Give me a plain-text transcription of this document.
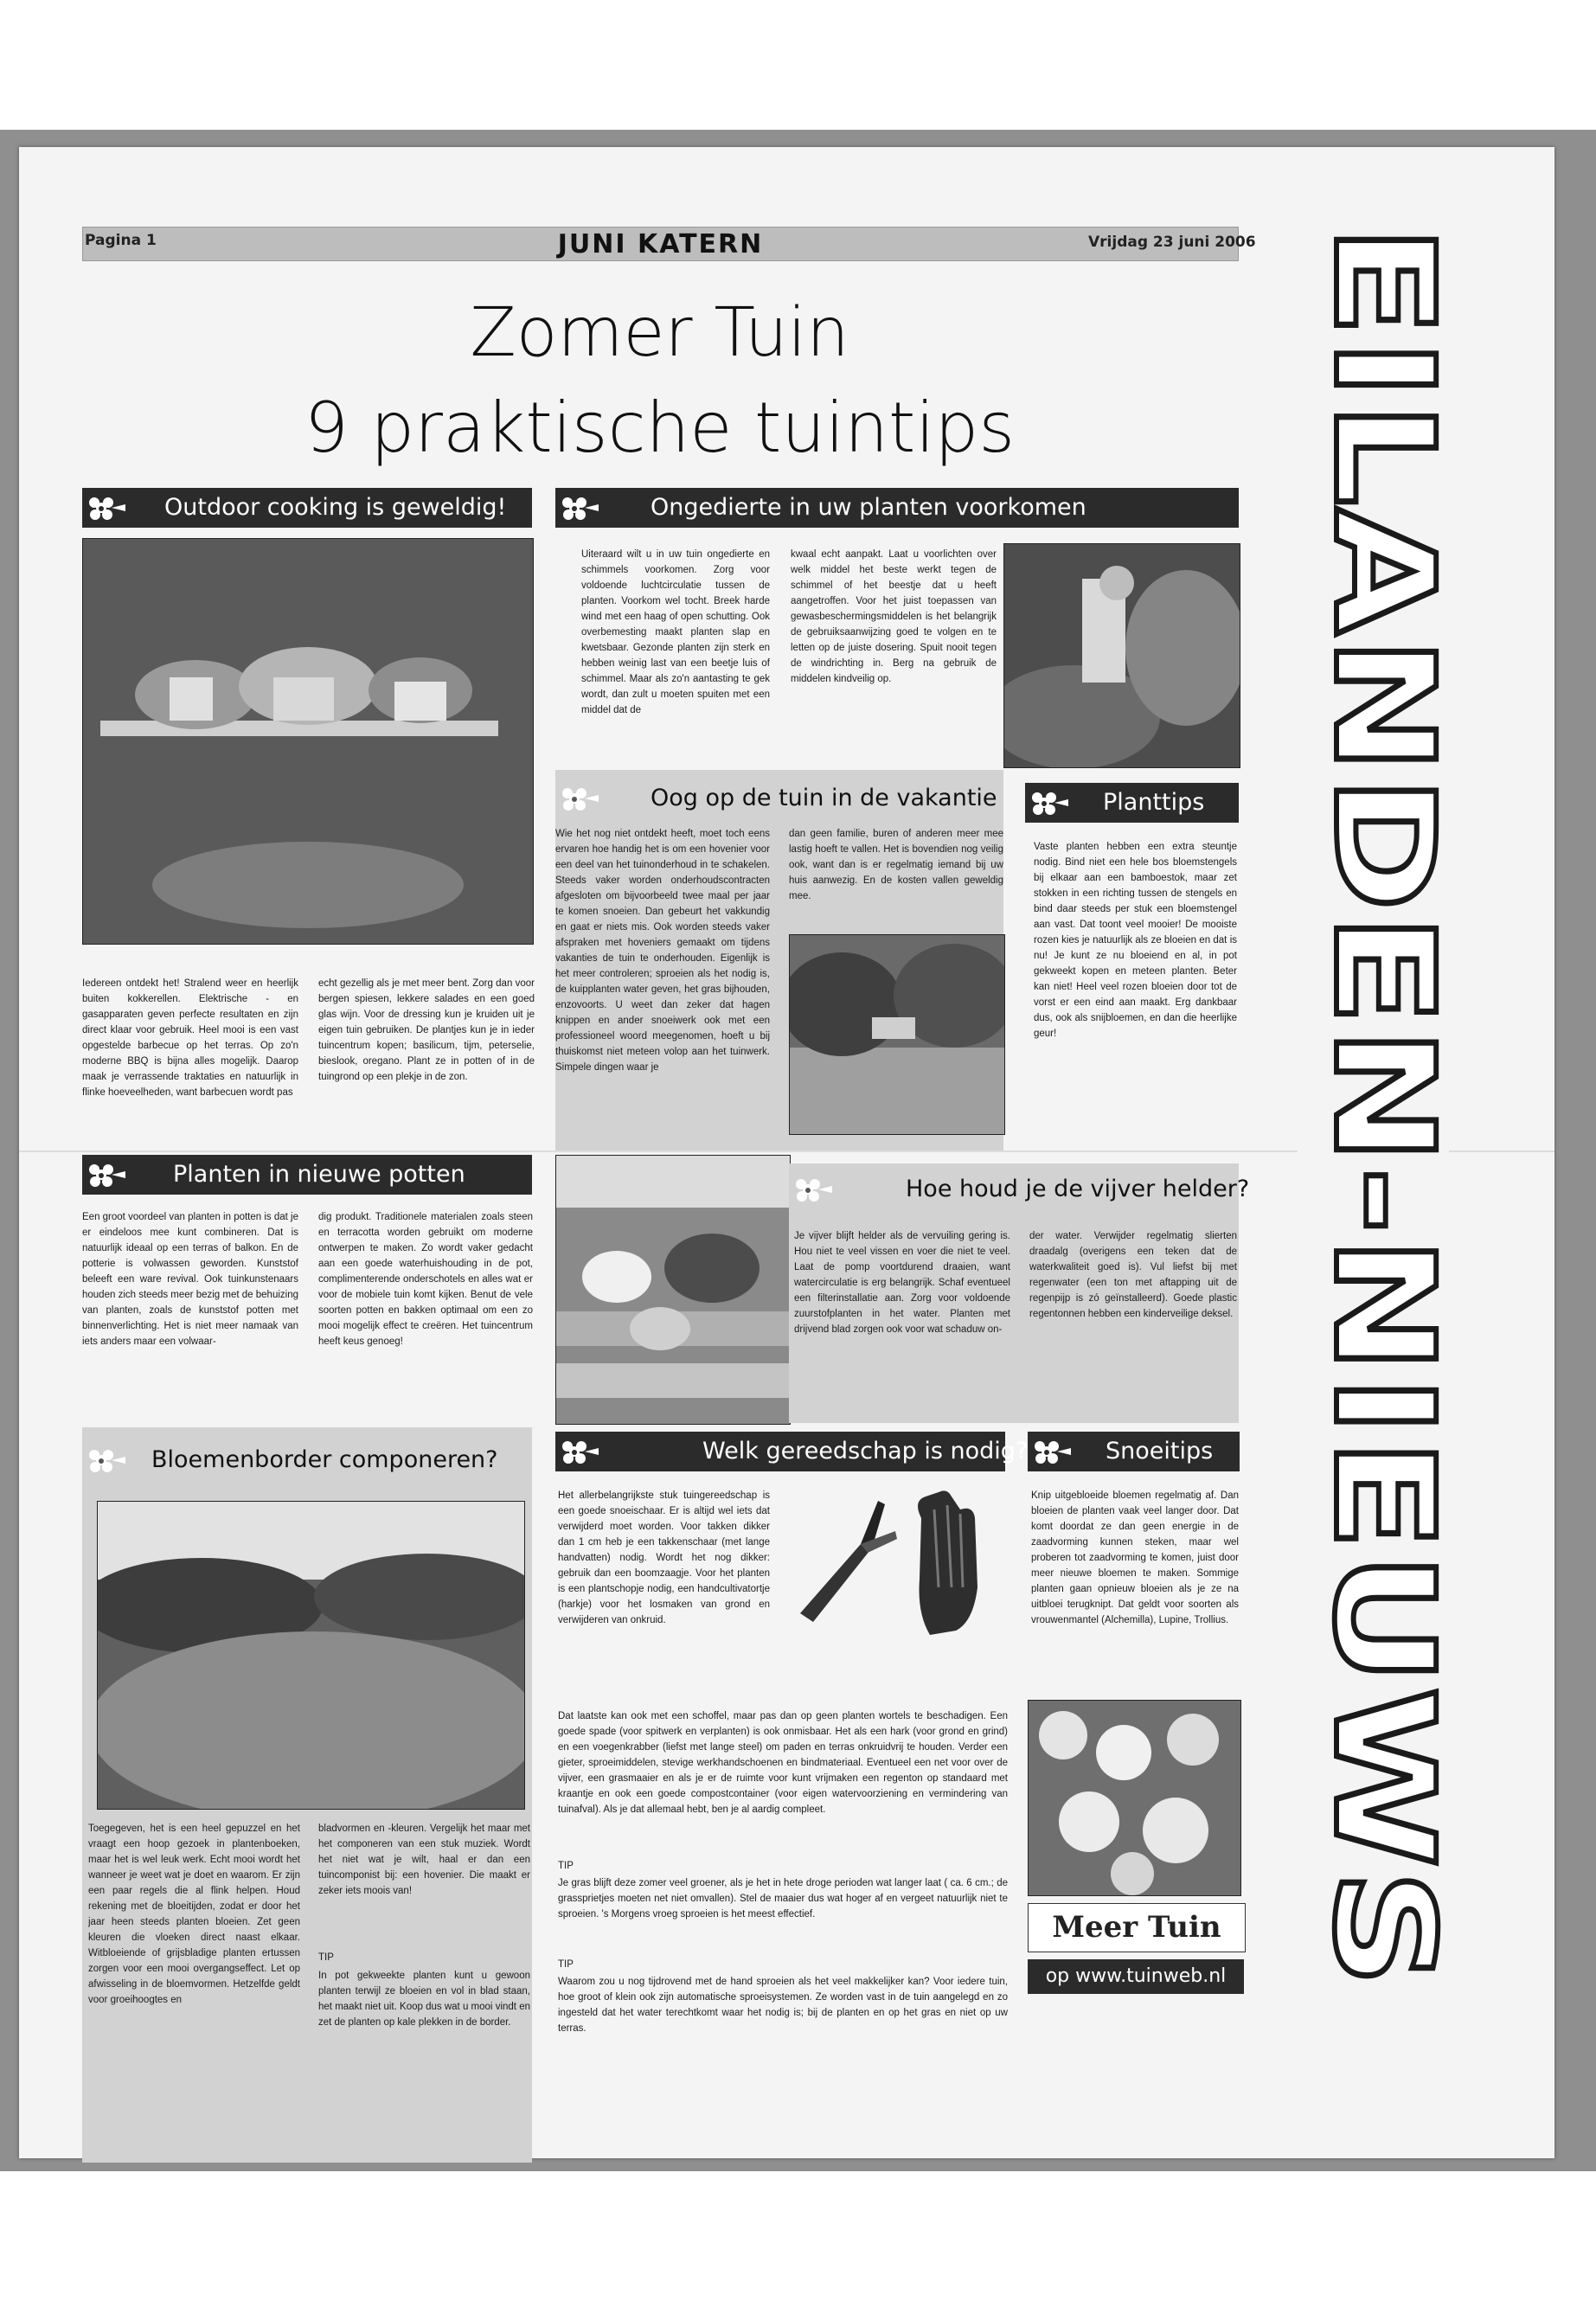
JUNI KATERN
Pagina 1	Vrijdag 23 juni 2006
Zomer Tuin
9 praktische tuintips	EILANDEN-NIEUWS
Outdoor cooking is geweldig!
Iedereen ontdekt het! Stralend weer en heerlijk buiten kokkerellen. Elektrische - en gasapparaten geven perfecte resultaten en zijn direct klaar voor gebruik. Heel mooi is een vast opgestelde barbecue op het terras. Op zo'n moderne BBQ is bijna alles mogelijk. Daarop maak je verrassende traktaties en natuurlijk in flinke hoeveelheden, want barbecuen wordt pas
echt gezellig als je met meer bent. Zorg dan voor bergen spiesen, lekkere salades en een goed glas wijn. Voor de dressing kun je kruiden uit je eigen tuin gebruiken. De plantjes kun je in ieder tuincentrum kopen; basilicum, tijm, peterselie, bieslook, oregano. Plant ze in potten of in de tuingrond op een plekje in de zon.
Ongedierte in uw planten voorkomen
Uiteraard wilt u in uw tuin ongedierte en schimmels voorkomen. Zorg voor voldoende luchtcirculatie tussen de planten. Voorkom wel tocht. Breek harde wind met een haag of open schutting. Ook overbemesting maakt planten slap en kwetsbaar. Gezonde planten zijn sterk en hebben weinig last van een beetje luis of schimmel. Maar als zo'n aantasting te gek wordt, dan zult u moeten spuiten met een middel dat de
kwaal echt aanpakt. Laat u voorlichten over welk middel het beste werkt tegen de schimmel of het beestje dat u heeft aangetroffen. Voor het juist toepassen van gewasbeschermingsmiddelen is het belangrijk de gebruiksaanwijzing goed te volgen en te letten op de juiste dosering. Spuit nooit tegen de windrichting in. Berg na gebruik de middelen kindveilig op.
Oog op de tuin in de vakantie
Wie het nog niet ontdekt heeft, moet toch eens ervaren hoe handig het is om een hovenier voor een deel van het tuinonderhoud in te schakelen. Steeds vaker worden onderhoudscontracten afgesloten om bijvoorbeeld twee maal per jaar te komen snoeien. Dan gebeurt het vakkundig en gaat er niets mis. Ook worden steeds vaker afspraken met hoveniers gemaakt om tijdens vakanties de tuin te onderhouden. Eigenlijk is het meer controleren; sproeien als het nodig is, de kuipplanten water geven, het gras bijhouden, enzovoorts. U weet dan zeker dat hagen knippen en ander snoeiwerk ook met een professioneel woord meegenomen, hoeft u bij thuiskomst niet meteen volop aan het tuinwerk. Simpele dingen waar je
dan geen familie, buren of anderen meer mee lastig hoeft te vallen. Het is bovendien nog veilig ook, want dan is er regelmatig iemand bij uw huis aanwezig. En de kosten vallen geweldig mee.
Planttips
Vaste planten hebben een extra steuntje nodig. Bind niet een hele bos bloemstengels bij elkaar aan een bamboestok, maar zet stokken in een richting tussen de stengels en bind daar steeds per stuk een bloemstengel aan vast. Dat toont veel mooier! De mooiste rozen kies je natuurlijk als ze bloeien en dat is nu! Je kunt ze nu bloeiend en al, in pot gekweekt kopen en meteen planten. Beter kan niet! Heel veel rozen bloeien door tot de vorst er een eind aan maakt. Erg dankbaar dus, ook als snijbloemen, en dan die heerlijke geur!
Planten in nieuwe potten
Een groot voordeel van planten in potten is dat je er eindeloos mee kunt combineren. Dat is natuurlijk ideaal op een terras of balkon. En de potterie is volwassen geworden. Kunststof beleeft een ware revival. Ook tuinkunstenaars houden zich steeds meer bezig met de behuizing van planten, zoals de kunststof potten met binnenverlichting. Het is niet meer namaak van iets anders maar een volwaar-
dig produkt. Traditionele materialen zoals steen en terracotta worden gebruikt om moderne ontwerpen te maken. Zo wordt vaker gedacht aan een goede waterhuishouding in de pot, complimenterende onderschotels en alles wat er voor de mobiele tuin komt kijken. Benut de vele soorten potten en bakken optimaal om een zo mooi mogelijk effect te creëren. Het tuincentrum heeft keus genoeg!
Hoe houd je de vijver helder?
Je vijver blijft helder als de vervuiling gering is. Hou niet te veel vissen en voer die niet te veel. Laat de pomp voortdurend draaien, want watercirculatie is erg belangrijk. Schaf eventueel een filterinstallatie aan. Zorg voor voldoende zuurstofplanten in het water. Planten met drijvend blad zorgen ook voor wat schaduw on-
der water. Verwijder regelmatig slierten draadalg (overigens een teken dat de waterkwaliteit goed is). Vul liefst bij met regenwater (een ton met aftapping uit de regenpijp is zó geïnstalleerd). Goede plastic regentonnen hebben een kinderveilige deksel.
Bloemenborder componeren?
Toegegeven, het is een heel gepuzzel en het vraagt een hoop gezoek in plantenboeken, maar het is wel leuk werk. Echt mooi wordt het wanneer je weet wat je doet en waarom. Er zijn een paar regels die al flink helpen. Houd rekening met de bloeitijden, zodat er door het jaar heen steeds planten bloeien. Zet geen kleuren die vloeken direct naast elkaar. Witbloeiende of grijsbladige planten ertussen zorgen voor een mooi overgangseffect. Let op afwisseling in de bloemvormen. Hetzelfde geldt voor groeihoogtes en
bladvormen en -kleuren. Vergelijk het maar met het componeren van een stuk muziek. Wordt het niet wat je wilt, haal er dan een tuincomponist bij: een hovenier. Die maakt er zeker iets moois van!
TIP
In pot gekweekte planten kunt u gewoon planten terwijl ze bloeien en vol in blad staan, het maakt niet uit. Koop dus wat u mooi vindt en zet de planten op kale plekken in de border.
Welk gereedschap is nodig?
Het allerbelangrijkste stuk tuingereedschap is een goede snoeischaar. Er is altijd wel iets dat verwijderd moet worden. Voor takken dikker dan 1 cm heb je een takkenschaar (met lange handvatten) nodig. Wordt het nog dikker: gebruik dan een boomzaagje. Voor het planten is een plantschopje nodig, een handcultivatortje (harkje) voor het losmaken van grond en verwijderen van onkruid.
Dat laatste kan ook met een schoffel, maar pas dan op geen planten wortels te beschadigen. Een goede spade (voor spitwerk en verplanten) is ook onmisbaar. Het als een hark (voor grond en grind) en een voegenkrabber (liefst met lange steel) om paden en terras onkruidvrij te houden. Verder een gieter, sproeimiddelen, stevige werkhandschoenen en bindmateriaal. Eventueel een net voor over de vijver, een grasmaaier en als je er de ruimte voor kunt vrijmaken een regenton op standaard met kraantje en ook een goede compostcontainer (voor eigen watervoorziening en vermindering van tuinafval). Als je dat allemaal hebt, ben je al aardig compleet.
TIP
Je gras blijft deze zomer veel groener, als je het in hete droge perioden wat langer laat ( ca. 6 cm.; de grassprietjes moeten net niet omvallen). Stel de maaier dus wat hoger af en vergeet natuurlijk niet te sproeien. 's Morgens vroeg sproeien is het meest effectief.
TIP
Waarom zou u nog tijdrovend met de hand sproeien als het veel makkelijker kan? Voor iedere tuin, hoe groot of klein ook zijn automatische sproeisystemen. Ze worden vast in de tuin aangelegd en zo ingesteld dat het water terechtkomt waar het nodig is; bij de planten en op het gras en niet op uw terras.
Snoeitips
Knip uitgebloeide bloemen regelmatig af. Dan bloeien de planten vaak veel langer door. Dat komt doordat ze dan geen energie in de zaadvorming kunnen steken, maar wel proberen tot zaadvorming te komen, juist door meer nieuwe bloemen te maken. Sommige planten gaan opnieuw bloeien als je ze na uitbloei terugknipt. Dat geldt voor soorten als vrouwenmantel (Alchemilla), Lupine, Trollius.
Meer Tuin
op www.tuinweb.nl
